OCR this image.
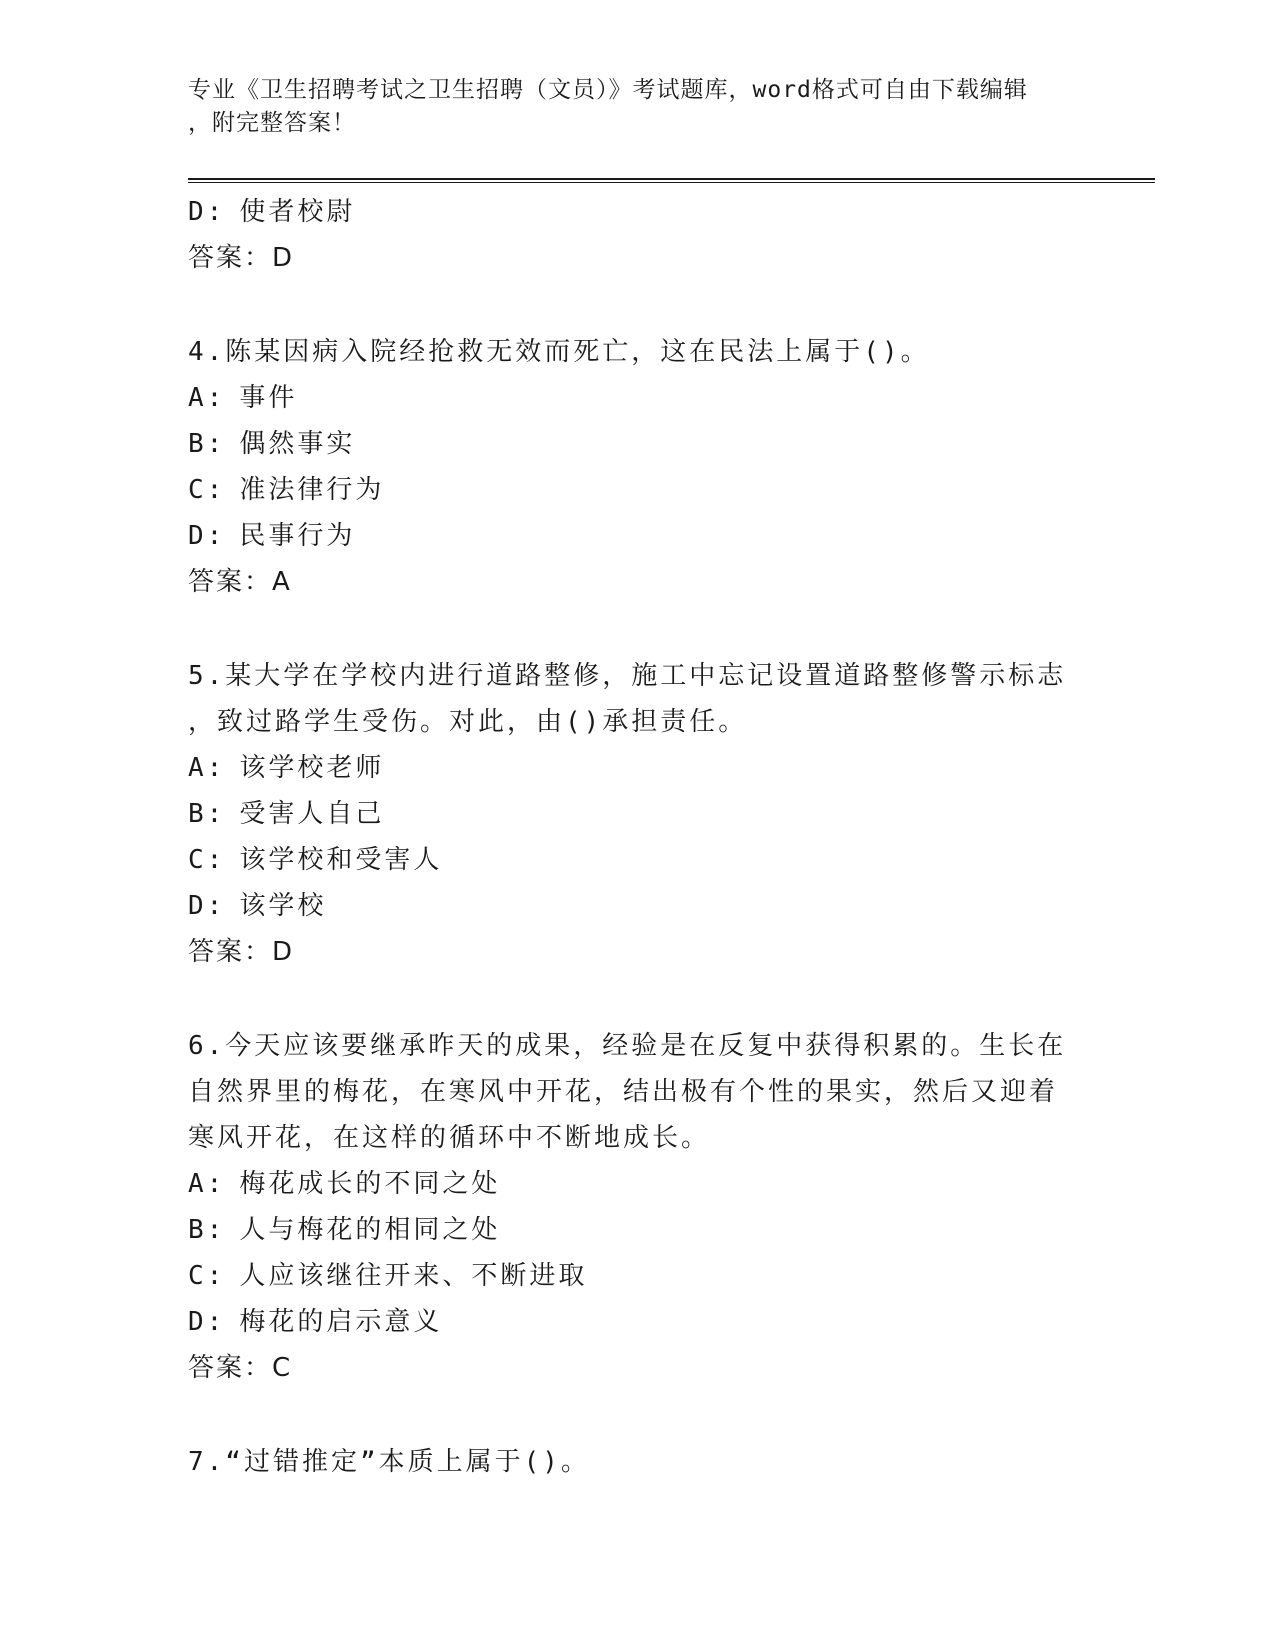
专业《卫生招聘考试之卫生招聘（文员）》考试题库，word格式可自由下载编辑
，附完整答案！
D: 使者校尉
答案：D
4.陈某因病入院经抢救无效而死亡，这在民法上属于()。
A: 事件
B: 偶然事实
C: 准法律行为
D: 民事行为
答案：A
5.某大学在学校内进行道路整修，施工中忘记设置道路整修警示标志
，致过路学生受伤。对此，由()承担责任。
A: 该学校老师
B: 受害人自己
C: 该学校和受害人
D: 该学校
答案：D
6.今天应该要继承昨天的成果，经验是在反复中获得积累的。生长在
自然界里的梅花，在寒风中开花，结出极有个性的果实，然后又迎着
寒风开花，在这样的循环中不断地成长。
A: 梅花成长的不同之处
B: 人与梅花的相同之处
C: 人应该继往开来、不断进取
D: 梅花的启示意义
答案：C
7.“过错推定”本质上属于()。
